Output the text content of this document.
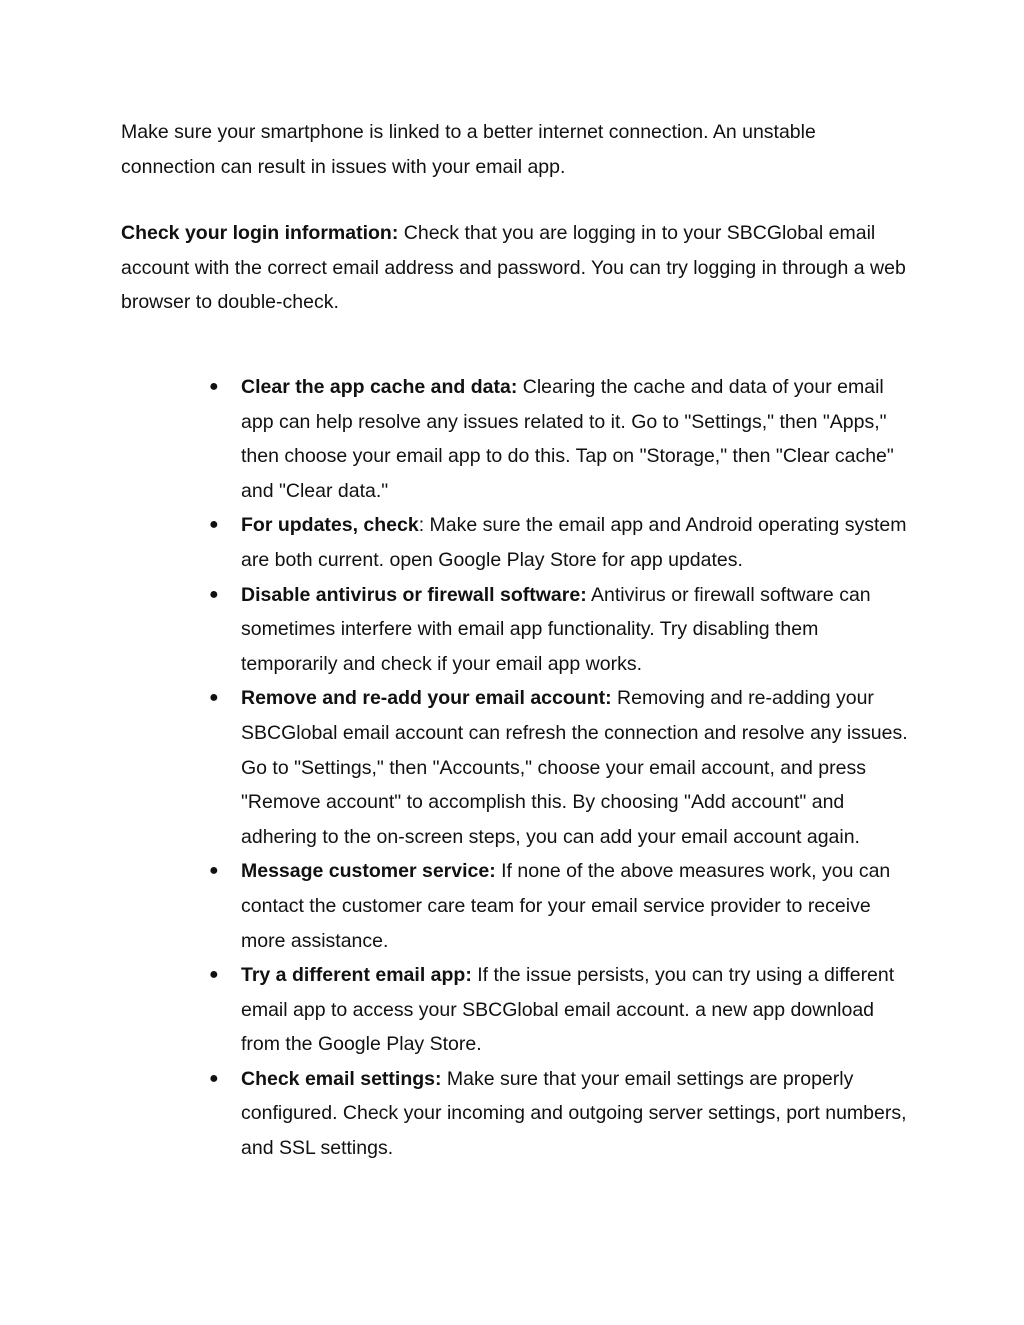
Make sure your smartphone is linked to a better internet connection. An unstable connection can result in issues with your email app.

Check your login information: Check that you are logging in to your SBCGlobal email account with the correct email address and password. You can try logging in through a web browser to double-check.

● Clear the app cache and data: Clearing the cache and data of your email app can help resolve any issues related to it. Go to "Settings," then "Apps," then choose your email app to do this. Tap on "Storage," then "Clear cache" and "Clear data."
● For updates, check: Make sure the email app and Android operating system are both current. open Google Play Store for app updates.
● Disable antivirus or firewall software: Antivirus or firewall software can sometimes interfere with email app functionality. Try disabling them temporarily and check if your email app works.
● Remove and re-add your email account: Removing and re-adding your SBCGlobal email account can refresh the connection and resolve any issues. Go to "Settings," then "Accounts," choose your email account, and press "Remove account" to accomplish this. By choosing "Add account" and adhering to the on-screen steps, you can add your email account again.
● Message customer service: If none of the above measures work, you can contact the customer care team for your email service provider to receive more assistance.
● Try a different email app: If the issue persists, you can try using a different email app to access your SBCGlobal email account. a new app download from the Google Play Store.
● Check email settings: Make sure that your email settings are properly configured. Check your incoming and outgoing server settings, port numbers, and SSL settings.
